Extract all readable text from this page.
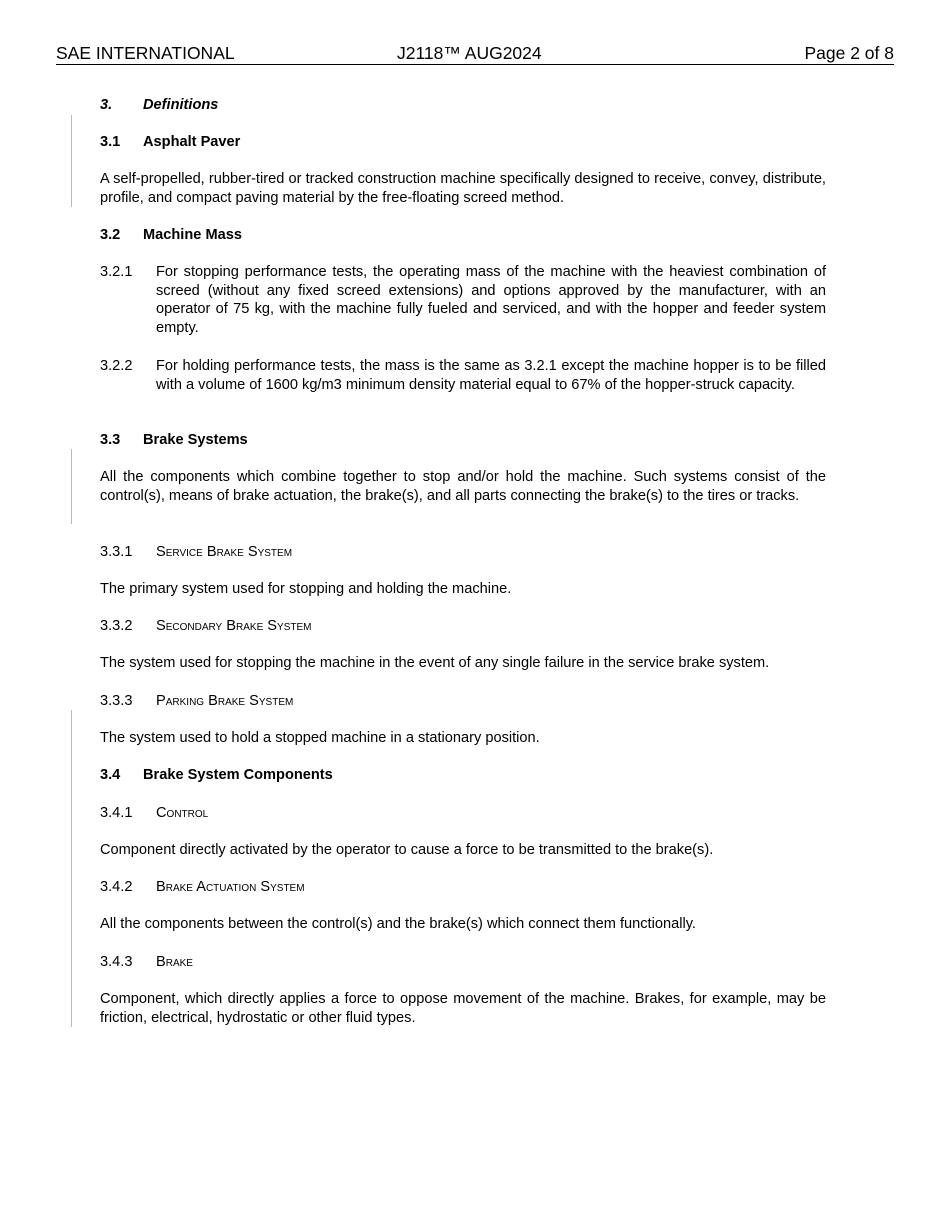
SAE INTERNATIONAL	J2118™ AUG2024	Page 2 of 8
3. Definitions
3.1 Asphalt Paver
A self-propelled, rubber-tired or tracked construction machine specifically designed to receive, convey, distribute, profile, and compact paving material by the free-floating screed method.
3.2 Machine Mass
3.2.1 For stopping performance tests, the operating mass of the machine with the heaviest combination of screed (without any fixed screed extensions) and options approved by the manufacturer, with an operator of 75 kg, with the machine fully fueled and serviced, and with the hopper and feeder system empty.
3.2.2 For holding performance tests, the mass is the same as 3.2.1 except the machine hopper is to be filled with a volume of 1600 kg/m3 minimum density material equal to 67% of the hopper-struck capacity.
3.3 Brake Systems
All the components which combine together to stop and/or hold the machine. Such systems consist of the control(s), means of brake actuation, the brake(s), and all parts connecting the brake(s) to the tires or tracks.
3.3.1 Service Brake System
The primary system used for stopping and holding the machine.
3.3.2 Secondary Brake System
The system used for stopping the machine in the event of any single failure in the service brake system.
3.3.3 Parking Brake System
The system used to hold a stopped machine in a stationary position.
3.4 Brake System Components
3.4.1 Control
Component directly activated by the operator to cause a force to be transmitted to the brake(s).
3.4.2 Brake Actuation System
All the components between the control(s) and the brake(s) which connect them functionally.
3.4.3 Brake
Component, which directly applies a force to oppose movement of the machine. Brakes, for example, may be friction, electrical, hydrostatic or other fluid types.
